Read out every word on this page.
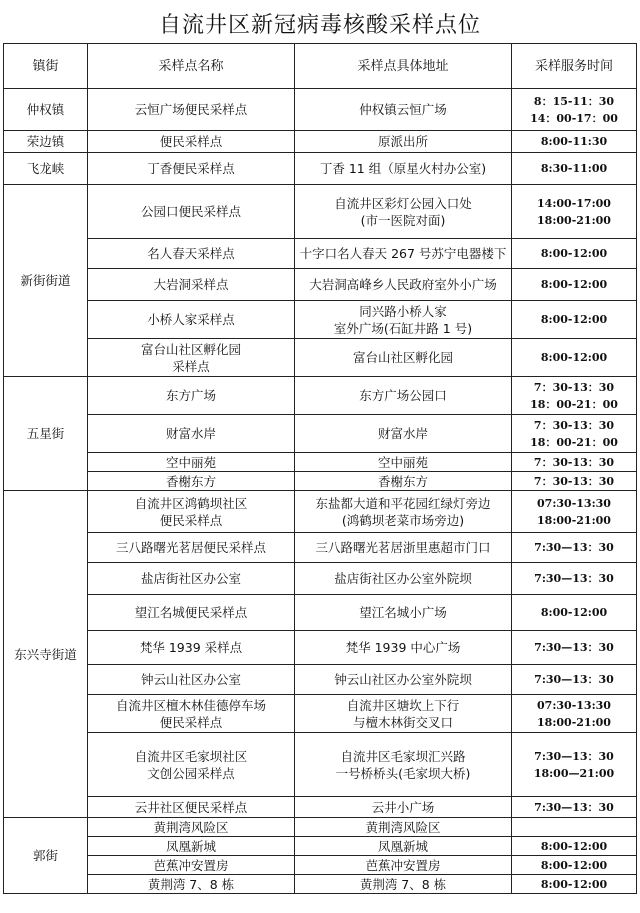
自流井区新冠病毒核酸采样点位
镇街	采样点名称	采样点具体地址	采样服务时间
仲权镇	云恒广场便民采样点	仲权镇云恒广场	8：15-11：30
14：00-17：00

荣边镇	便民采样点	原派出所	8:00-11:30

飞龙峡	丁香便民采样点	丁香 11 组（原星火村办公室)	8:30-11:00

新街街道	公园口便民采样点	自流井区彩灯公园入口处
(市一医院对面)	14:00-17:00
18:00-21:00

	名人春天采样点	十字口名人春天 267 号苏宁电器楼下	8:00-12:00

	大岩洞采样点	大岩洞高峰乡人民政府室外小广场	8:00-12:00

	小桥人家采样点	同兴路小桥人家
室外广场(石缸井路 1 号)	8:00-12:00

	富台山社区孵化园
采样点	富台山社区孵化园	8:00-12:00

五星街	东方广场	东方广场公园口	7：30-13：30
18：00-21：00

	财富水岸	财富水岸	7：30-13：30
18：00-21：00

	空中丽苑	空中丽苑	7：30-13：30

	香榭东方	香榭东方	7：30-13：30

东兴寺街道	自流井区鸿鹤坝社区
便民采样点	东盐都大道和平花园红绿灯旁边
(鸿鹤坝老菜市场旁边)	07:30-13:30
18:00-21:00

	三八路曙光茗居便民采样点	三八路曙光茗居浙里惠超市门口	7:30—13：30

	盐店街社区办公室	盐店街社区办公室外院坝	7:30—13：30

	望江名城便民采样点	望江名城小广场	8:00-12:00

	梵华 1939 采样点	梵华 1939 中心广场	7:30—13：30

	钟云山社区办公室	钟云山社区办公室外院坝	7:30—13：30

	自流井区檀木林佳德停车场
便民采样点	自流井区塘坎上下行
与檀木林街交叉口	07:30-13:30
18:00-21:00

	自流井区毛家坝社区
文创公园采样点	自流井区毛家坝汇兴路
一号桥桥头(毛家坝大桥)	7:30—13：30
18:00—21:00

	云井社区便民采样点	云井小广场	7:30—13：30

郭街	黄荆湾风险区	黄荆湾风险区	

	凤凰新城	凤凰新城	8:00-12:00

	芭蕉冲安置房	芭蕉冲安置房	8:00-12:00

	黄荆湾 7、8 栋	黄荆湾 7、8 栋	8:00-12:00
